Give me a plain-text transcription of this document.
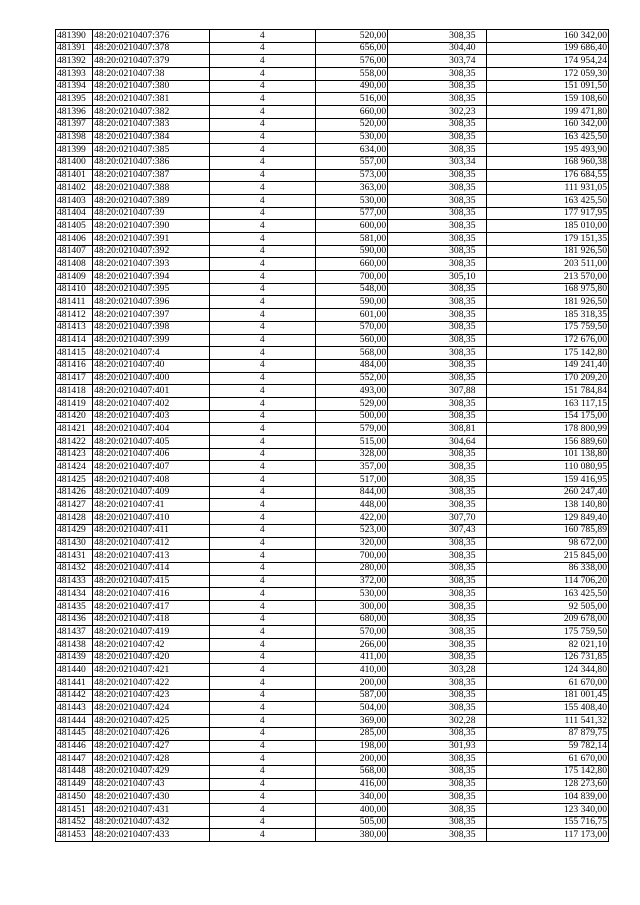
481390	48:20:0210407:376	4	520,00	308,35	160 342,00
481391	48:20:0210407:378	4	656,00	304,40	199 686,40
481392	48:20:0210407:379	4	576,00	303,74	174 954,24
481393	48:20:0210407:38	4	558,00	308,35	172 059,30
481394	48:20:0210407:380	4	490,00	308,35	151 091,50
481395	48:20:0210407:381	4	516,00	308,35	159 108,60
481396	48:20:0210407:382	4	660,00	302,23	199 471,80
481397	48:20:0210407:383	4	520,00	308,35	160 342,00
481398	48:20:0210407:384	4	530,00	308,35	163 425,50
481399	48:20:0210407:385	4	634,00	308,35	195 493,90
481400	48:20:0210407:386	4	557,00	303,34	168 960,38
481401	48:20:0210407:387	4	573,00	308,35	176 684,55
481402	48:20:0210407:388	4	363,00	308,35	111 931,05
481403	48:20:0210407:389	4	530,00	308,35	163 425,50
481404	48:20:0210407:39	4	577,00	308,35	177 917,95
481405	48:20:0210407:390	4	600,00	308,35	185 010,00
481406	48:20:0210407:391	4	581,00	308,35	179 151,35
481407	48:20:0210407:392	4	590,00	308,35	181 926,50
481408	48:20:0210407:393	4	660,00	308,35	203 511,00
481409	48:20:0210407:394	4	700,00	305,10	213 570,00
481410	48:20:0210407:395	4	548,00	308,35	168 975,80
481411	48:20:0210407:396	4	590,00	308,35	181 926,50
481412	48:20:0210407:397	4	601,00	308,35	185 318,35
481413	48:20:0210407:398	4	570,00	308,35	175 759,50
481414	48:20:0210407:399	4	560,00	308,35	172 676,00
481415	48:20:0210407:4	4	568,00	308,35	175 142,80
481416	48:20:0210407:40	4	484,00	308,35	149 241,40
481417	48:20:0210407:400	4	552,00	308,35	170 209,20
481418	48:20:0210407:401	4	493,00	307,88	151 784,84
481419	48:20:0210407:402	4	529,00	308,35	163 117,15
481420	48:20:0210407:403	4	500,00	308,35	154 175,00
481421	48:20:0210407:404	4	579,00	308,81	178 800,99
481422	48:20:0210407:405	4	515,00	304,64	156 889,60
481423	48:20:0210407:406	4	328,00	308,35	101 138,80
481424	48:20:0210407:407	4	357,00	308,35	110 080,95
481425	48:20:0210407:408	4	517,00	308,35	159 416,95
481426	48:20:0210407:409	4	844,00	308,35	260 247,40
481427	48:20:0210407:41	4	448,00	308,35	138 140,80
481428	48:20:0210407:410	4	422,00	307,70	129 849,40
481429	48:20:0210407:411	4	523,00	307,43	160 785,89
481430	48:20:0210407:412	4	320,00	308,35	98 672,00
481431	48:20:0210407:413	4	700,00	308,35	215 845,00
481432	48:20:0210407:414	4	280,00	308,35	86 338,00
481433	48:20:0210407:415	4	372,00	308,35	114 706,20
481434	48:20:0210407:416	4	530,00	308,35	163 425,50
481435	48:20:0210407:417	4	300,00	308,35	92 505,00
481436	48:20:0210407:418	4	680,00	308,35	209 678,00
481437	48:20:0210407:419	4	570,00	308,35	175 759,50
481438	48:20:0210407:42	4	266,00	308,35	82 021,10
481439	48:20:0210407:420	4	411,00	308,35	126 731,85
481440	48:20:0210407:421	4	410,00	303,28	124 344,80
481441	48:20:0210407:422	4	200,00	308,35	61 670,00
481442	48:20:0210407:423	4	587,00	308,35	181 001,45
481443	48:20:0210407:424	4	504,00	308,35	155 408,40
481444	48:20:0210407:425	4	369,00	302,28	111 541,32
481445	48:20:0210407:426	4	285,00	308,35	87 879,75
481446	48:20:0210407:427	4	198,00	301,93	59 782,14
481447	48:20:0210407:428	4	200,00	308,35	61 670,00
481448	48:20:0210407:429	4	568,00	308,35	175 142,80
481449	48:20:0210407:43	4	416,00	308,35	128 273,60
481450	48:20:0210407:430	4	340,00	308,35	104 839,00
481451	48:20:0210407:431	4	400,00	308,35	123 340,00
481452	48:20:0210407:432	4	505,00	308,35	155 716,75
481453	48:20:0210407:433	4	380,00	308,35	117 173,00
